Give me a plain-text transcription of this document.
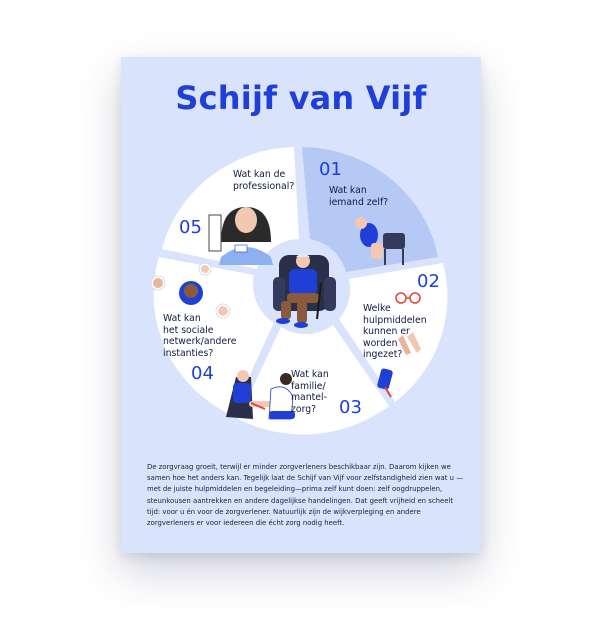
Schijf van Vijf
01
02
03
04
05
Wat kan
iemand zelf?
Welke
hulpmiddelen
kunnen er
worden
ingezet?
Wat kan
familie/
mantel-
zorg?
Wat kan
het sociale
netwerk/andere
instanties?
Wat kan de
professional?
De zorgvraag groeit, terwijl er minder zorgverleners beschikbaar zijn. Daarom kijken we samen hoe het anders kan. Tegelijk laat de Schijf van Vijf voor zelfstandigheid zien wat u —met de juiste hulpmiddelen en begeleiding—prima zelf kunt doen: zelf oogdruppelen, steunkousen aantrekken en andere dagelijkse handelingen. Dat geeft vrijheid en scheelt tijd: voor u én voor de zorgverlener. Natuurlijk zijn de wijkverpleging en andere zorgverleners er voor iedereen die écht zorg nodig heeft.
